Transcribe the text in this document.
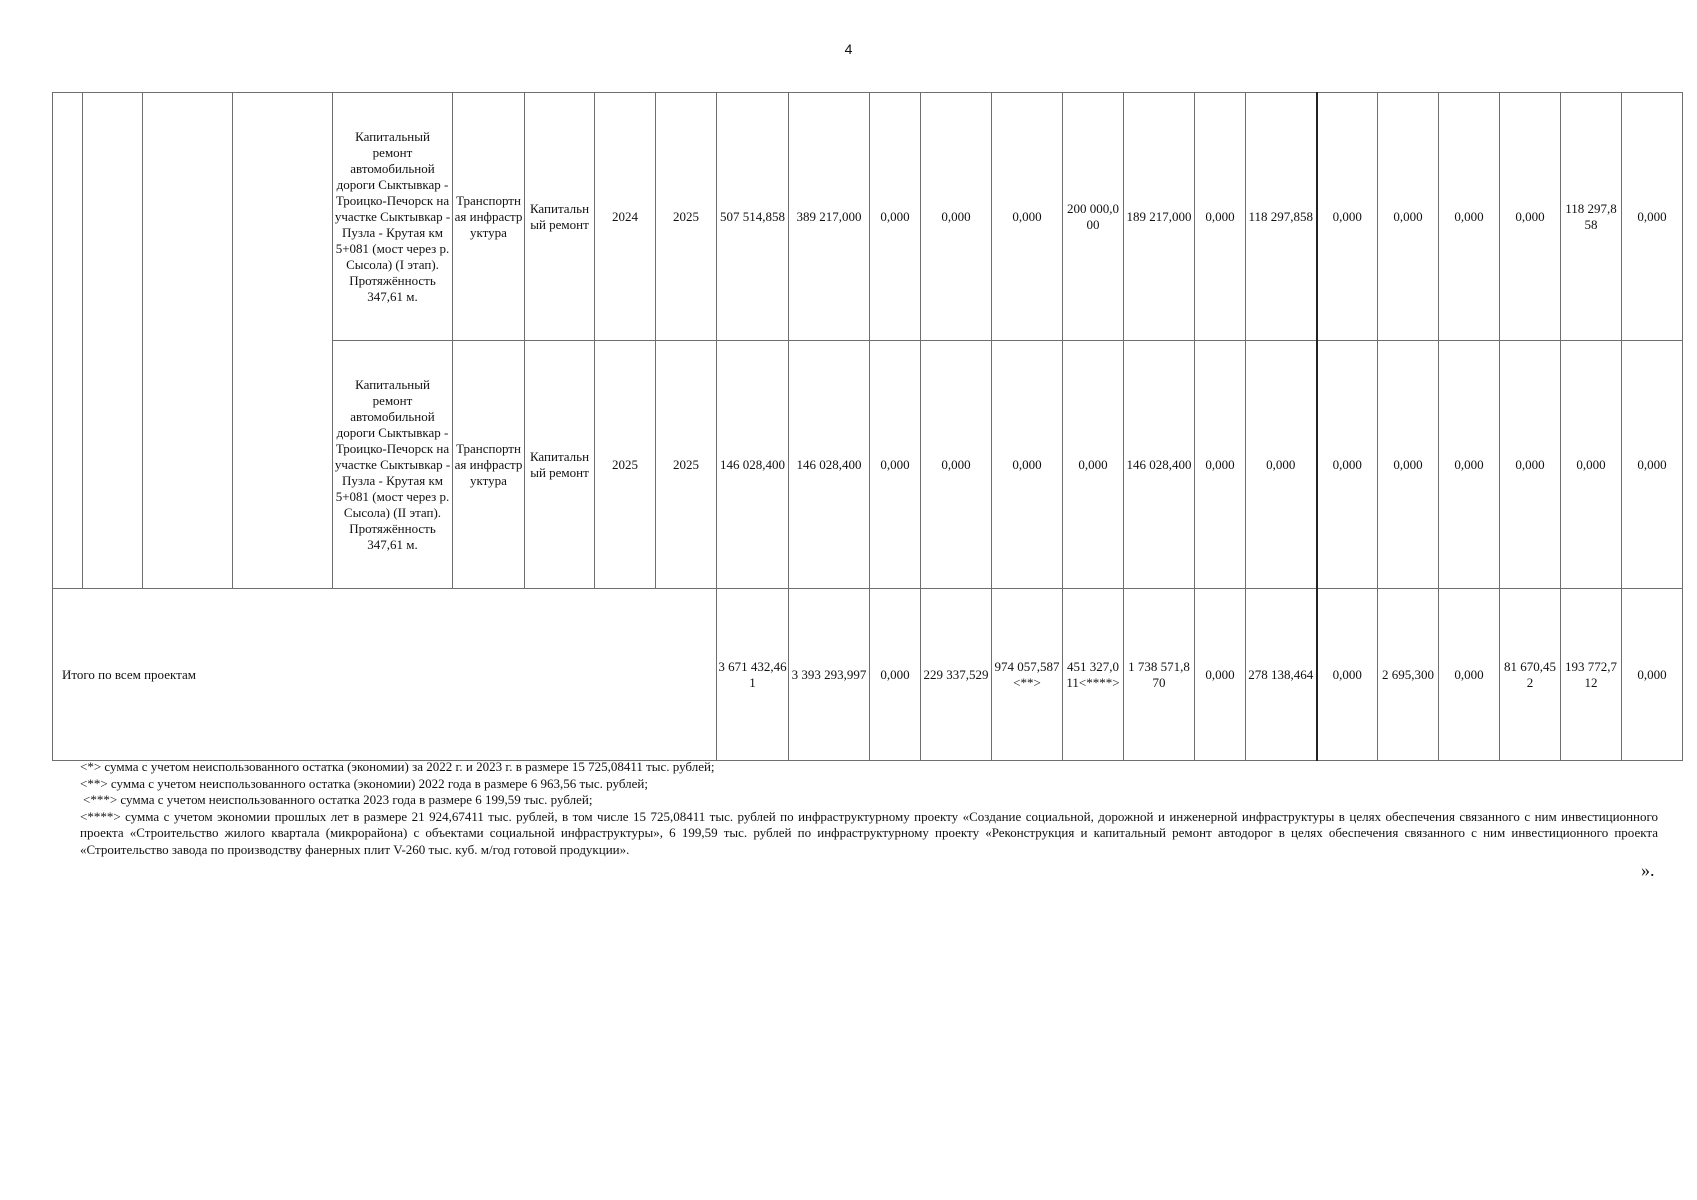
4
				Капитальный ремонт автомобильной дороги Сыктывкар - Троицко-Печорск на участке Сыктывкар - Пузла - Крутая км 5+081 (мост через р. Сысола) (I этап). Протяжённость 347,61 м.	Транспортная инфраструктура	Капитальный ремонт	2024	2025	507 514,858	389 217,000	0,000	0,000	0,000	200 000,000	189 217,000	0,000	118 297,858	0,000	0,000	0,000	0,000	118 297,858	0,000
				Капитальный ремонт автомобильной дороги Сыктывкар - Троицко-Печорск на участке Сыктывкар - Пузла - Крутая км 5+081 (мост через р. Сысола) (II этап). Протяжённость 347,61 м.	Транспортная инфраструктура	Капитальный ремонт	2025	2025	146 028,400	146 028,400	0,000	0,000	0,000	0,000	146 028,400	0,000	0,000	0,000	0,000	0,000	0,000	0,000	0,000
Итого по всем проектам									3 671 432,461	3 393 293,997	0,000	229 337,529	974 057,587<**>	451 327,011<****>	1 738 571,870	0,000	278 138,464	0,000	2 695,300	0,000	81 670,452	193 772,712	0,000

<*> сумма с учетом неиспользованного остатка (экономии) за 2022 г. и 2023 г. в размере 15 725,08411 тыс. рублей;

<**> сумма с учетом неиспользованного остатка (экономии) 2022 года в размере 6 963,56 тыс. рублей;

<***> сумма с учетом неиспользованного остатка 2023 года в размере 6 199,59 тыс. рублей;

<****> сумма с учетом экономии прошлых лет в размере 21 924,67411 тыс. рублей, в том числе 15 725,08411 тыс. рублей по инфраструктурному проекту «Создание социальной, дорожной и инженерной инфраструктуры в целях обеспечения связанного с ним инвестиционного проекта «Строительство жилого квартала (микрорайона) с объектами социальной инфраструктуры», 6 199,59 тыс. рублей по инфраструктурному проекту «Реконструкция и капитальный ремонт автодорог в целях обеспечения связанного с ним инвестиционного проекта «Строительство завода по производству фанерных плит V-260 тыс. куб. м/год готовой продукции».

».
